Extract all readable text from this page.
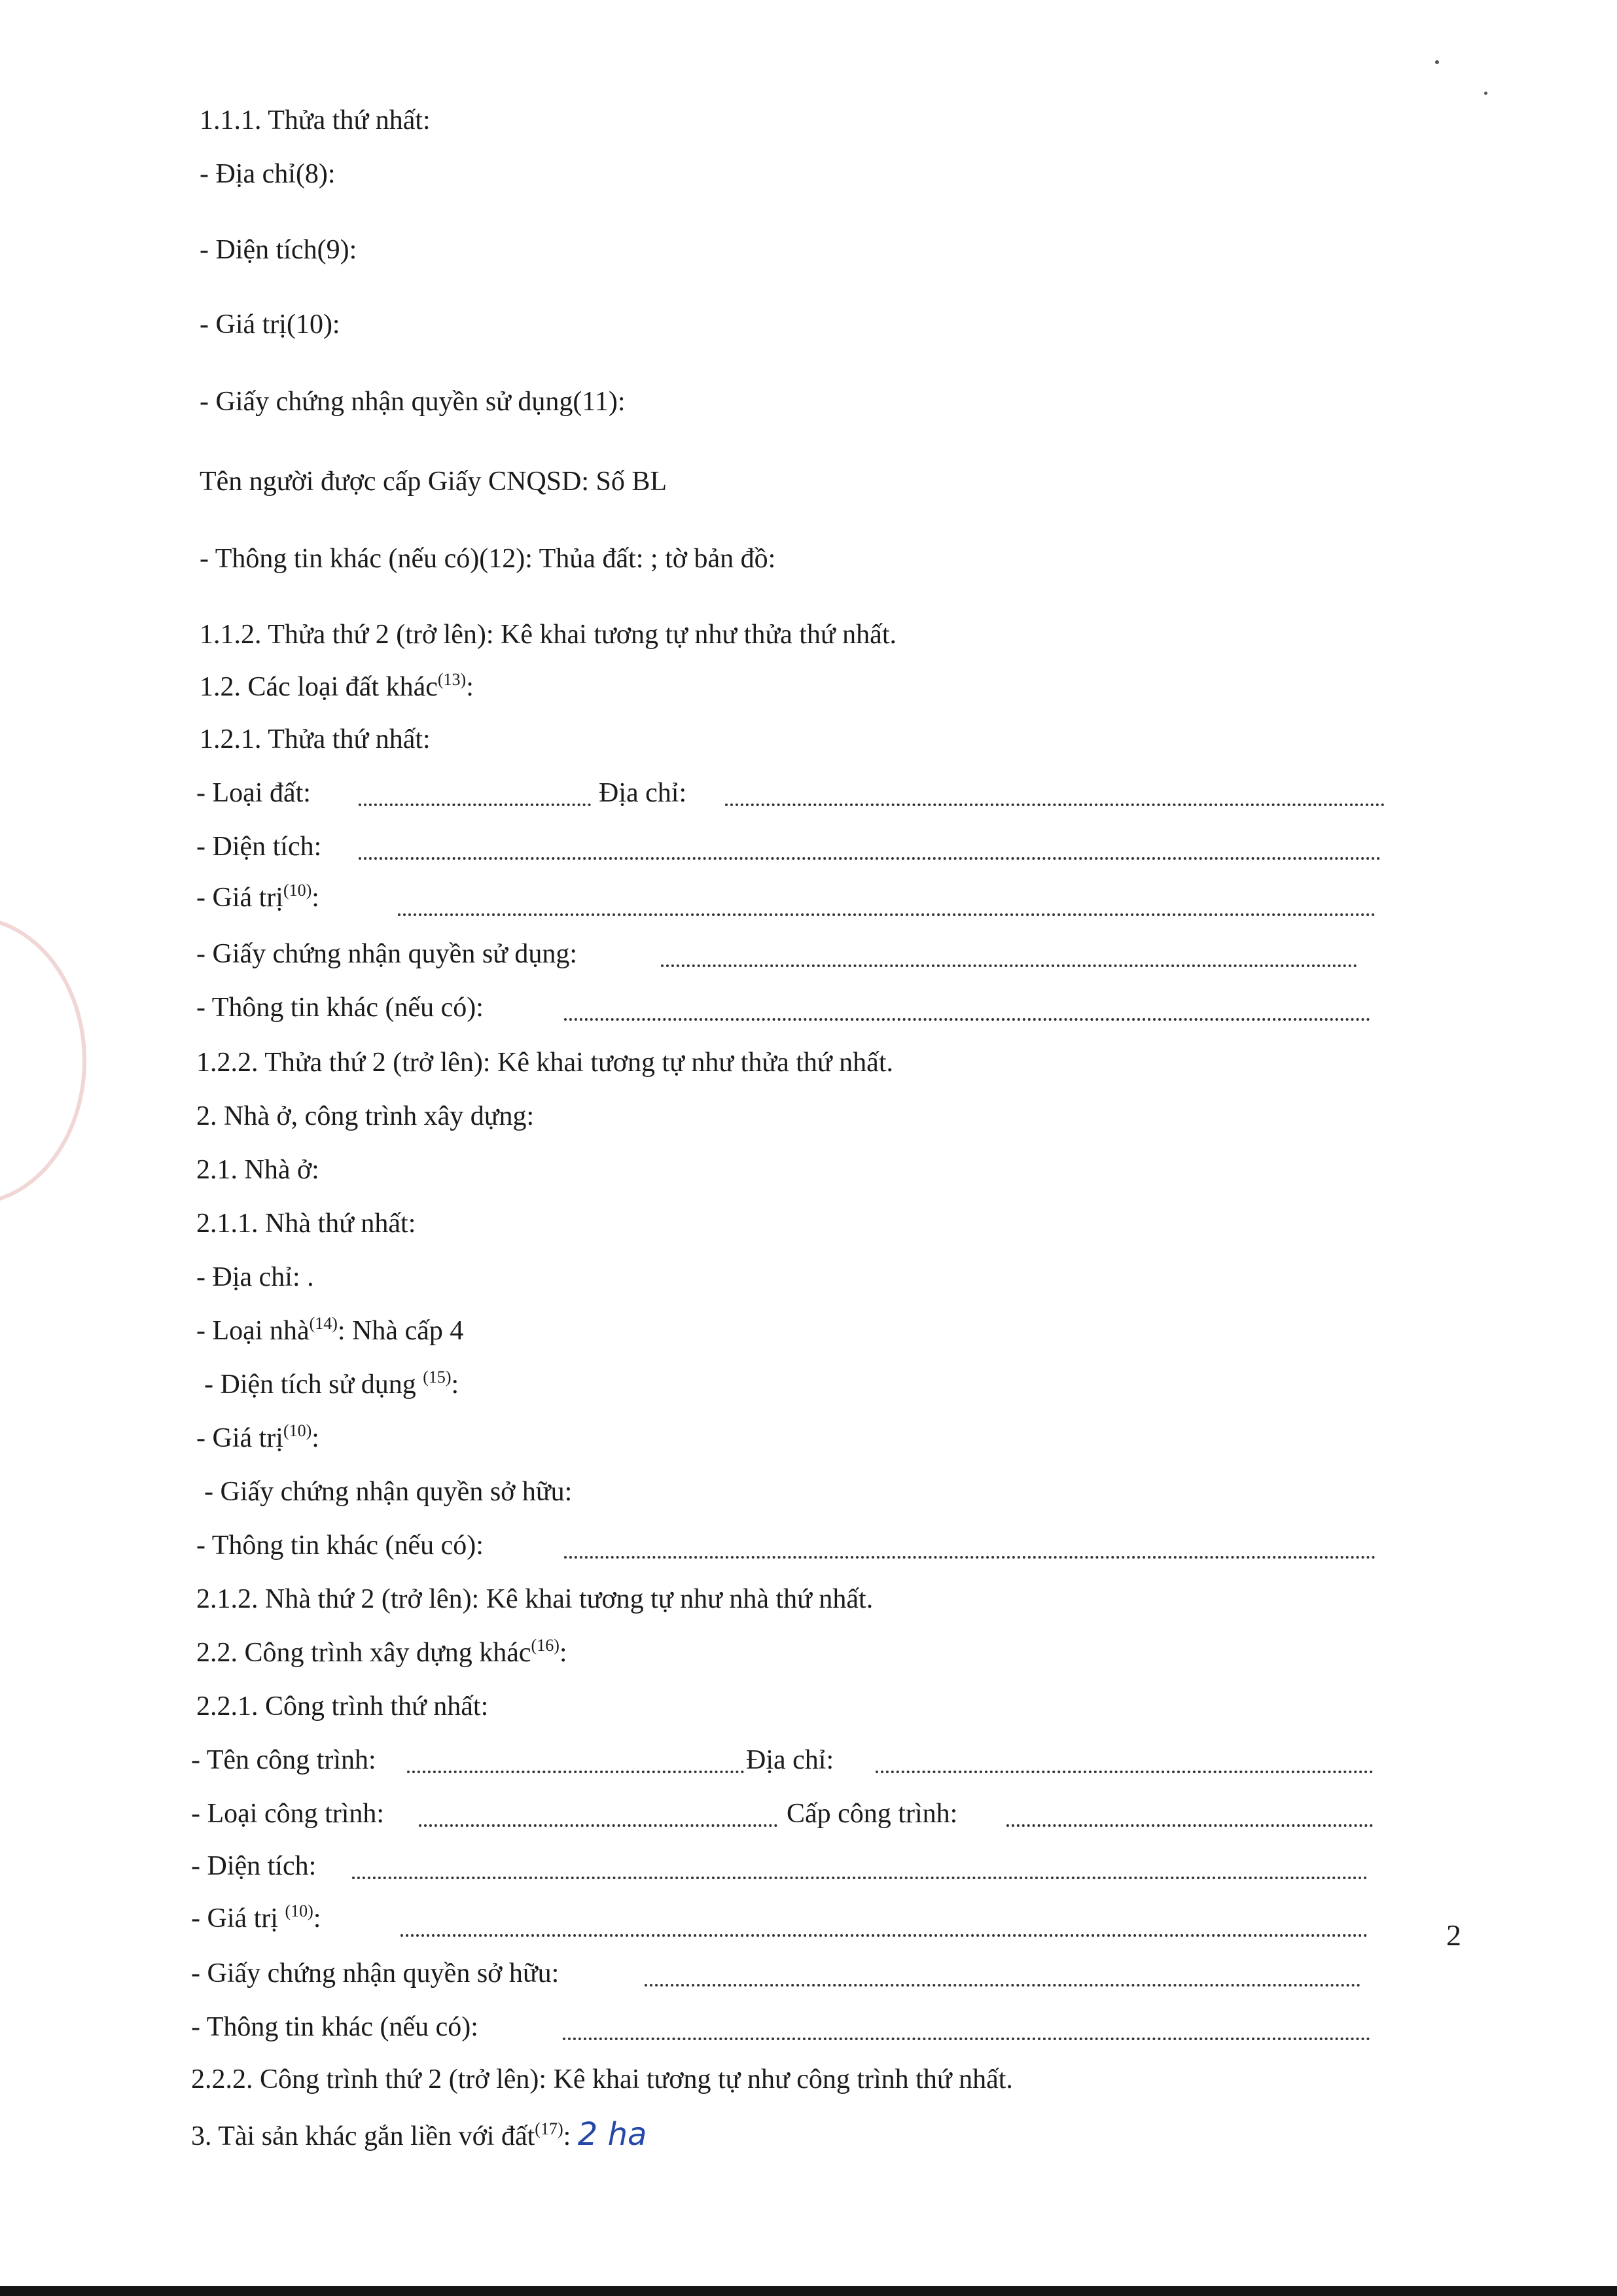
1.1.1. Thửa thứ nhất:
- Địa chỉ(8):
- Diện tích(9):
- Giá trị(10):
- Giấy chứng nhận quyền sử dụng(11):
Tên người được cấp Giấy CNQSD: Số BL
- Thông tin khác (nếu có)(12): Thủa đất: ; tờ bản đồ:
1.1.2. Thửa thứ 2 (trở lên): Kê khai tương tự như thửa thứ nhất.
1.2. Các loại đất khác$^{(13)}$:
1.2.1. Thửa thứ nhất:
- Loại đất:	Địa chỉ:
- Diện tích:
- Giá trị$^{(10)}$:
- Giấy chứng nhận quyền sử dụng:
- Thông tin khác (nếu có):
1.2.2. Thửa thứ 2 (trở lên): Kê khai tương tự như thửa thứ nhất.
2. Nhà ở, công trình xây dựng:
2.1. Nhà ở:
2.1.1. Nhà thứ nhất:
- Địa chỉ: .
- Loại nhà$^{(14)}$: Nhà cấp 4
- Diện tích sử dụng $^{(15)}$:
- Giá trị$^{(10)}$:
- Giấy chứng nhận quyền sở hữu:
- Thông tin khác (nếu có):
2.1.2. Nhà thứ 2 (trở lên): Kê khai tương tự như nhà thứ nhất.
2.2. Công trình xây dựng khác$^{(16)}$:
2.2.1. Công trình thứ nhất:
- Tên công trình:	Địa chỉ:
- Loại công trình:	Cấp công trình:
- Diện tích:
- Giá trị $^{(10)}$:
- Giấy chứng nhận quyền sở hữu:
- Thông tin khác (nếu có):
2.2.2. Công trình thứ 2 (trở lên): Kê khai tương tự như công trình thứ nhất.
3. Tài sản khác gắn liền với đất$^{(17)}$: 2 ha
2
